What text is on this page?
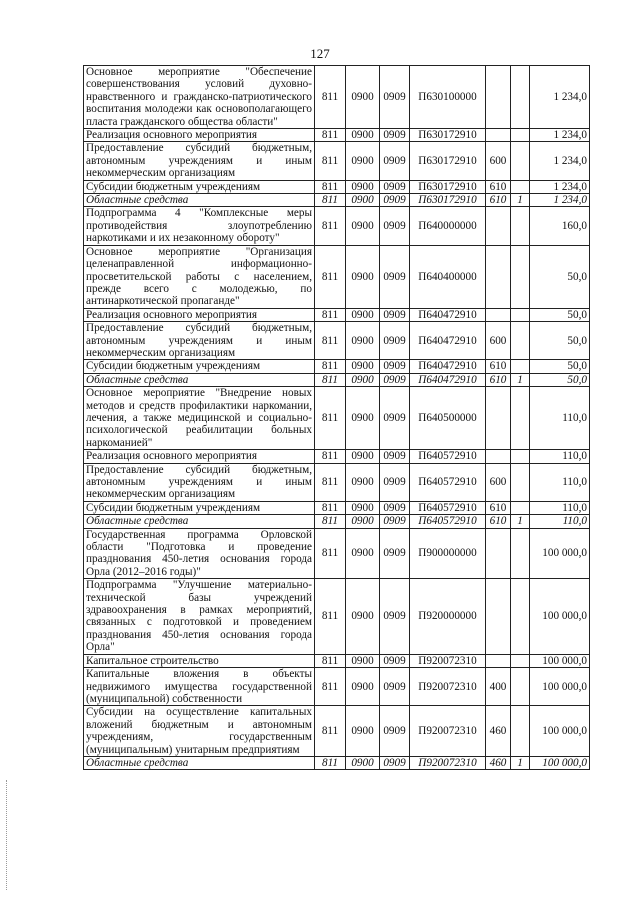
127
Основное мероприятие "Обеспечение совершенствования условий духовно-нравственного и гражданско-патриотического воспитания молодежи как основополагающего пласта гражданского общества области"	811	0900	0909	П630100000			1 234,0
Реализация основного мероприятия	811	0900	0909	П630172910			1 234,0
Предоставление субсидий бюджетным, автономным учреждениям и иным некоммерческим организациям	811	0900	0909	П630172910	600		1 234,0
Субсидии бюджетным учреждениям	811	0900	0909	П630172910	610		1 234,0
Областные средства	811	0900	0909	П630172910	610	1	1 234,0
Подпрограмма 4 "Комплексные меры противодействия злоупотреблению наркотиками и их незаконному обороту"	811	0900	0909	П640000000			160,0
Основное мероприятие "Организация целенаправленной информационно-просветительской работы с населением, прежде всего с молодежью, по антинаркотической пропаганде"	811	0900	0909	П640400000			50,0
Реализация основного мероприятия	811	0900	0909	П640472910			50,0
Предоставление субсидий бюджетным, автономным учреждениям и иным некоммерческим организациям	811	0900	0909	П640472910	600		50,0
Субсидии бюджетным учреждениям	811	0900	0909	П640472910	610		50,0
Областные средства	811	0900	0909	П640472910	610	1	50,0
Основное мероприятие "Внедрение новых методов и средств профилактики наркомании, лечения, а также медицинской и социально-психологической реабилитации больных наркоманией"	811	0900	0909	П640500000			110,0
Реализация основного мероприятия	811	0900	0909	П640572910			110,0
Предоставление субсидий бюджетным, автономным учреждениям и иным некоммерческим организациям	811	0900	0909	П640572910	600		110,0
Субсидии бюджетным учреждениям	811	0900	0909	П640572910	610		110,0
Областные средства	811	0900	0909	П640572910	610	1	110,0
Государственная программа Орловской области "Подготовка и проведение празднования 450-летия основания города Орла (2012–2016 годы)"	811	0900	0909	П900000000			100 000,0
Подпрограмма "Улучшение материально-технической базы учреждений здравоохранения в рамках мероприятий, связанных с подготовкой и проведением празднования 450-летия основания города Орла"	811	0900	0909	П920000000			100 000,0
Капитальное строительство	811	0900	0909	П920072310			100 000,0
Капитальные вложения в объекты недвижимого имущества государственной (муниципальной) собственности	811	0900	0909	П920072310	400		100 000,0
Субсидии на осуществление капитальных вложений бюджетным и автономным учреждениям, государственным (муниципальным) унитарным предприятиям	811	0900	0909	П920072310	460		100 000,0
Областные средства	811	0900	0909	П920072310	460	1	100 000,0
